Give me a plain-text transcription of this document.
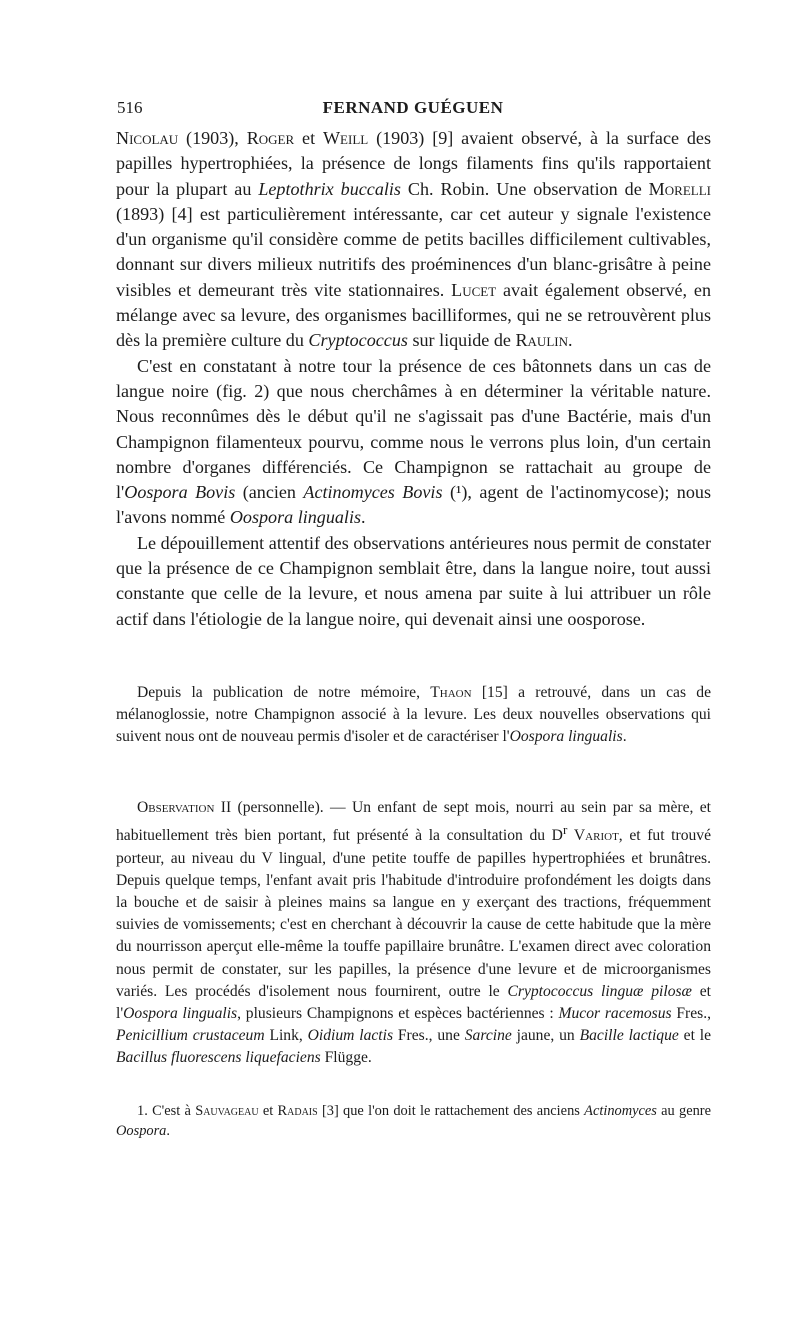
516	FERNAND GUÉGUEN

Nicolau (1903), Roger et Weill (1903) [9] avaient observé, à la surface des papilles hypertrophiées, la présence de longs filaments fins qu'ils rapportaient pour la plupart au Leptothrix buccalis Ch. Robin. Une observation de Morelli (1893) [4] est particulièrement intéressante, car cet auteur y signale l'existence d'un organisme qu'il considère comme de petits bacilles difficilement cultivables, donnant sur divers milieux nutritifs des proéminences d'un blanc-grisâtre à peine visibles et demeurant très vite stationnaires. Lucet avait également observé, en mélange avec sa levure, des organismes bacilliformes, qui ne se retrouvèrent plus dès la première culture du Cryptococcus sur liquide de Raulin.

C'est en constatant à notre tour la présence de ces bâtonnets dans un cas de langue noire (fig. 2) que nous cherchâmes à en déterminer la véritable nature. Nous reconnûmes dès le début qu'il ne s'agissait pas d'une Bactérie, mais d'un Champignon filamenteux pourvu, comme nous le verrons plus loin, d'un certain nombre d'organes différenciés. Ce Champignon se rattachait au groupe de l'Oospora Bovis (ancien Actinomyces Bovis (¹), agent de l'actinomycose); nous l'avons nommé Oospora lingualis.

Le dépouillement attentif des observations antérieures nous permit de constater que la présence de ce Champignon semblait être, dans la langue noire, tout aussi constante que celle de la levure, et nous amena par suite à lui attribuer un rôle actif dans l'étiologie de la langue noire, qui devenait ainsi une oosporose.

Depuis la publication de notre mémoire, Thaon [15] a retrouvé, dans un cas de mélanoglossie, notre Champignon associé à la levure. Les deux nouvelles observations qui suivent nous ont de nouveau permis d'isoler et de caractériser l'Oospora lingualis.

Observation II (personnelle). — Un enfant de sept mois, nourri au sein par sa mère, et habituellement très bien portant, fut présenté à la consultation du $D^r$ Variot, et fut trouvé porteur, au niveau du V lingual, d'une petite touffe de papilles hypertrophiées et brunâtres. Depuis quelque temps, l'enfant avait pris l'habitude d'introduire profondément les doigts dans la bouche et de saisir à pleines mains sa langue en y exerçant des tractions, fréquemment suivies de vomissements; c'est en cherchant à découvrir la cause de cette habitude que la mère du nourrisson aperçut elle-même la touffe papillaire brunâtre. L'examen direct avec coloration nous permit de constater, sur les papilles, la présence d'une levure et de microorganismes variés. Les procédés d'isolement nous fournirent, outre le Cryptococcus linguæ pilosæ et l'Oospora lingualis, plusieurs Champignons et espèces bactériennes : Mucor racemosus Fres., Penicillium crustaceum Link, Oidium lactis Fres., une Sarcine jaune, un Bacille lactique et le Bacillus fluorescens liquefaciens Flügge.

1. C'est à Sauvageau et Radais [3] que l'on doit le rattachement des anciens Actinomyces au genre Oospora.
